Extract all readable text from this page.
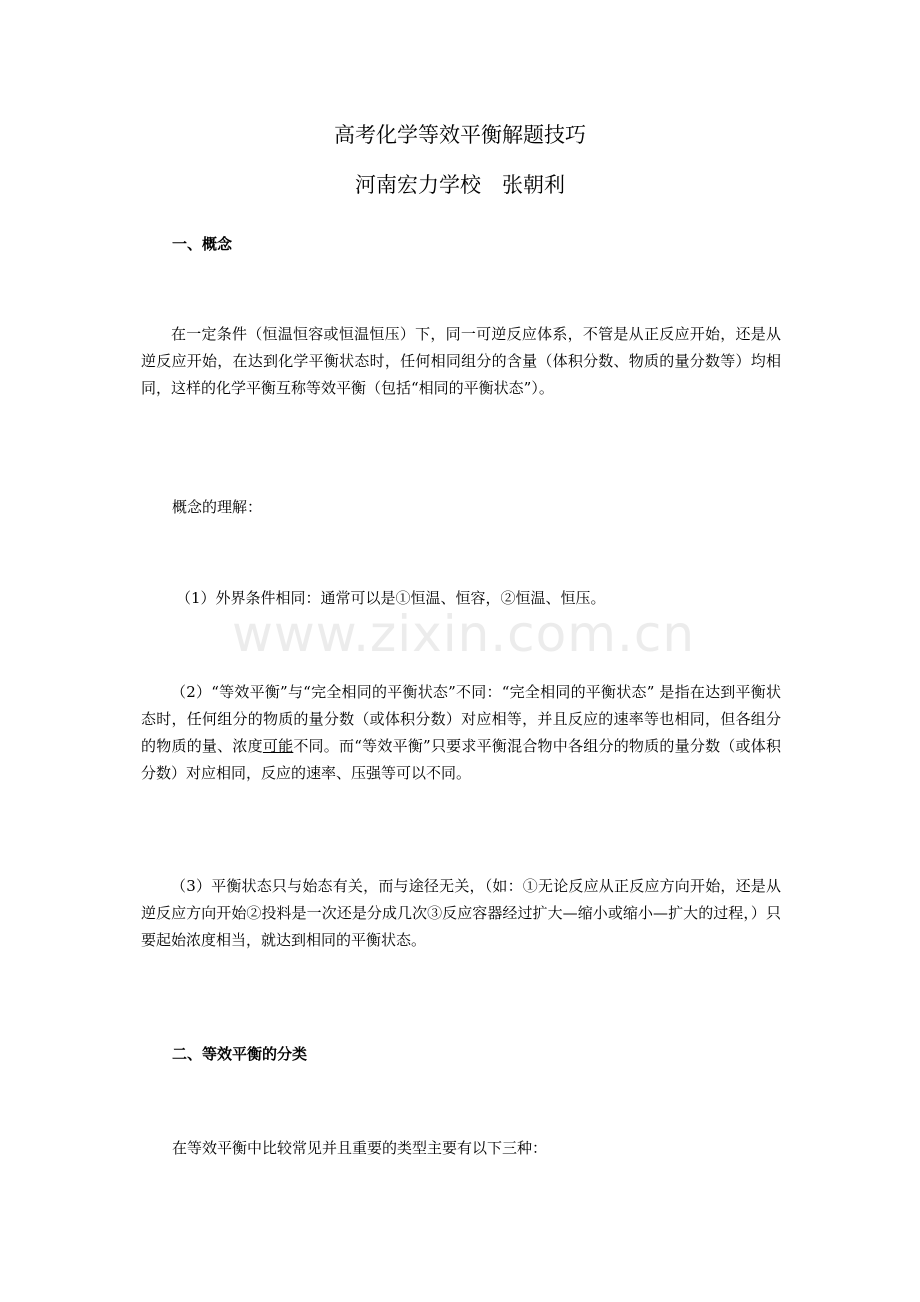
高考化学等效平衡解题技巧
河南宏力学校　张朝利
一、概念
在一定条件（恒温恒容或恒温恒压）下，同一可逆反应体系，不管是从正反应开始，还是从逆反应开始，在达到化学平衡状态时，任何相同组分的含量（体积分数、物质的量分数等）均相同，这样的化学平衡互称等效平衡（包括“相同的平衡状态”）。
概念的理解：
（1）外界条件相同：通常可以是①恒温、恒容，②恒温、恒压。
www.zixin.com.cn
（2）“等效平衡”与“完全相同的平衡状态”不同：“完全相同的平衡状态” 是指在达到平衡状态时，任何组分的物质的量分数（或体积分数）对应相等，并且反应的速率等也相同，但各组分的物质的量、浓度可能不同。而“等效平衡”只要求平衡混合物中各组分的物质的量分数（或体积分数）对应相同，反应的速率、压强等可以不同。
（3）平衡状态只与始态有关，而与途径无关，（如：①无论反应从正反应方向开始，还是从逆反应方向开始②投料是一次还是分成几次③反应容器经过扩大—缩小或缩小—扩大的过程，）只要起始浓度相当，就达到相同的平衡状态。
二、等效平衡的分类
在等效平衡中比较常见并且重要的类型主要有以下三种：
